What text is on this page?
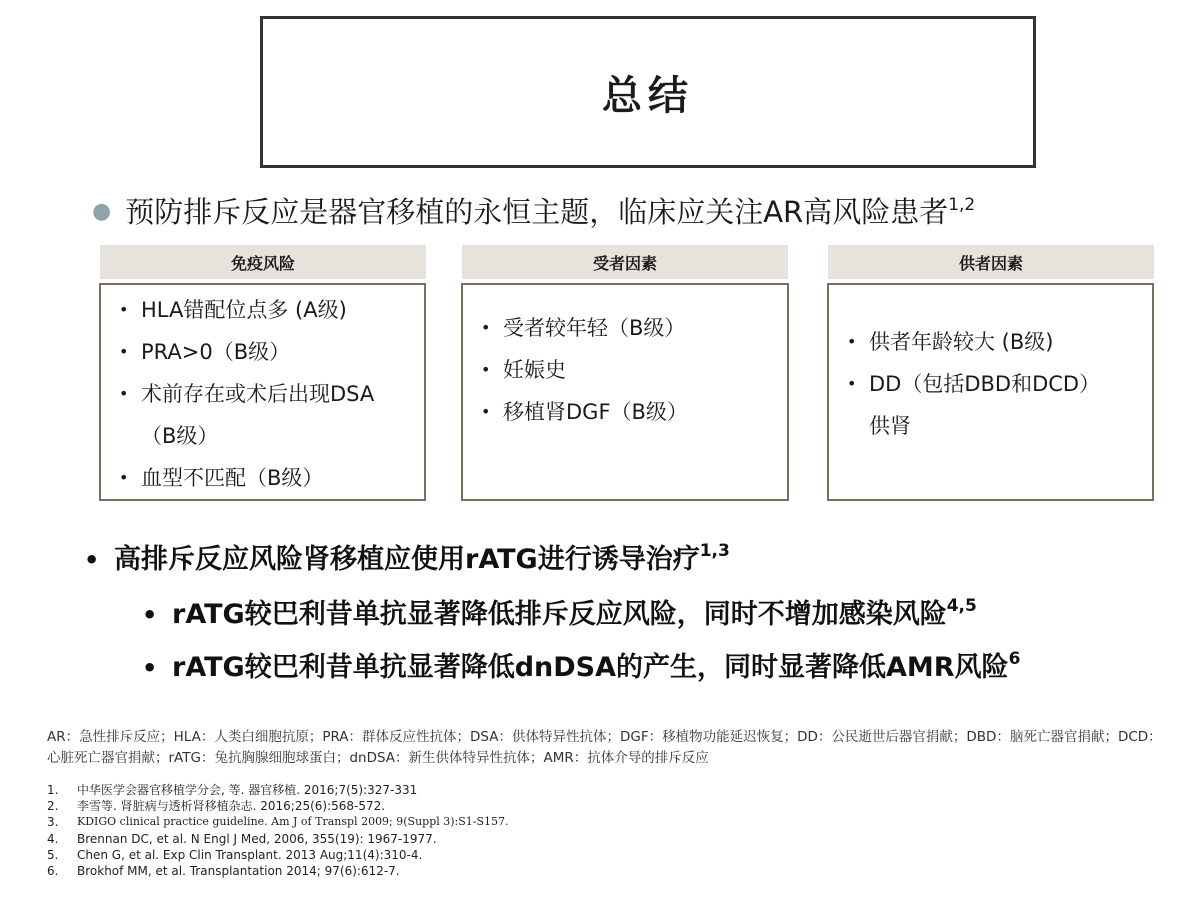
总结
● 预防排斥反应是器官移植的永恒主题，临床应关注AR高风险患者$^{1,2}$
免疫风险
• HLA错配位点多 (A级)
• PRA>0（B级）
• 术前存在或术后出现DSA
（B级）
• 血型不匹配（B级）
受者因素
• 受者较年轻（B级）
• 妊娠史
• 移植肾DGF（B级）
供者因素
• 供者年龄较大 (B级)
• DD（包括DBD和DCD）
供肾
• 高排斥反应风险肾移植应使用rATG进行诱导治疗$^{1,3}$
• rATG较巴利昔单抗显著降低排斥反应风险，同时不增加感染风险$^{4,5}$
• rATG较巴利昔单抗显著降低dnDSA的产生，同时显著降低AMR风险$^6$
AR：急性排斥反应；HLA：人类白细胞抗原；PRA：群体反应性抗体；DSA：供体特异性抗体；DGF：移植物功能延迟恢复；DD：公民逝世后器官捐献；DBD：脑死亡器官捐献；DCD：心脏死亡器官捐献；rATG：兔抗胸腺细胞球蛋白；dnDSA：新生供体特异性抗体；AMR：抗体介导的排斥反应
1.	中华医学会器官移植学分会, 等. 器官移植. 2016;7(5):327-331
2.	李雪等. 肾脏病与透析肾移植杂志. 2016;25(6):568-572.
3.	KDIGO clinical practice guideline. Am J of Transpl 2009; 9(Suppl 3):S1-S157.
4.	Brennan DC, et al. N Engl J Med, 2006, 355(19): 1967-1977.
5.	Chen G, et al. Exp Clin Transplant. 2013 Aug;11(4):310-4.
6.	Brokhof MM, et al. Transplantation 2014; 97(6):612-7.
